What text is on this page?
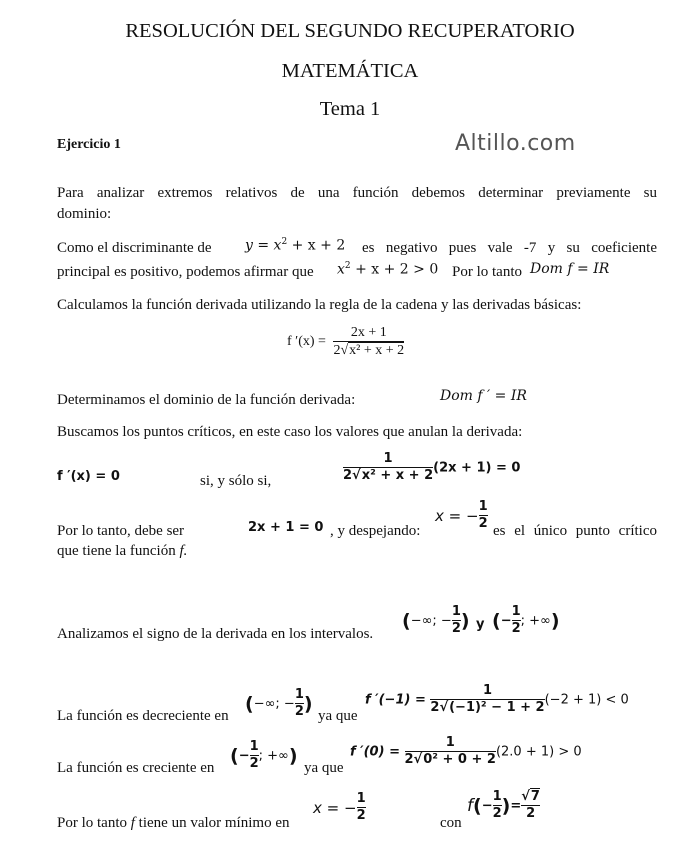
RESOLUCIÓN DEL SEGUNDO RECUPERATORIO
MATEMÁTICA
Tema 1
Ejercicio 1	Altillo.com
Para analizar extremos relativos de una función debemos determinar previamente su
dominio:
Como el discriminante de $y = x^2 + x + 2$ es negativo pues vale -7 y su coeficiente
principal es positivo, podemos afirmar que $x^2 + x + 2 > 0$ Por lo tanto Dom f = IR
Calculamos la función derivada utilizando la regla de la cadena y las derivadas básicas:
f $'(x) = \frac{2x + 1}{\text{2√x² + x + 2}}$
Determinamos el dominio de la función derivada:	Dom f ′ = IR
Buscamos los puntos críticos, en este caso los valores que anulan la derivada:
f ′(x) = 0	si, y sólo si,	$\frac{1}{\text{2√x² + x + 2}} (2x + 1) = 0$
Por lo tanto, debe ser	2x + 1 = 0 , y despejando:
x = − $\frac{1}{2}$ es el único punto crítico
que tiene la función f.
Analizamos el signo de la derivada en los intervalos.
(−∞; − $\frac{1}{2}$ ) y (− $\frac{1}{2}$ ; +∞)
La función es decreciente en
(−∞; − $\frac{1}{2}$ )
ya que
f $'(-1) = \frac{1}{\text{2√(−1)² − 1 + 2}} (-2 + 1) < 0$
La función es creciente en
(− $\frac{1}{2}$ ; +∞)
ya que
f $'(0) = \frac{1}{\text{2√0² + 0 + 2}} (2.0 + 1) > 0$
Por lo tanto f tiene un valor mínimo en
x = − $\frac{1}{2}$	con
$f(- \frac{1}{2}$ )= $\frac{√7}{2}$
